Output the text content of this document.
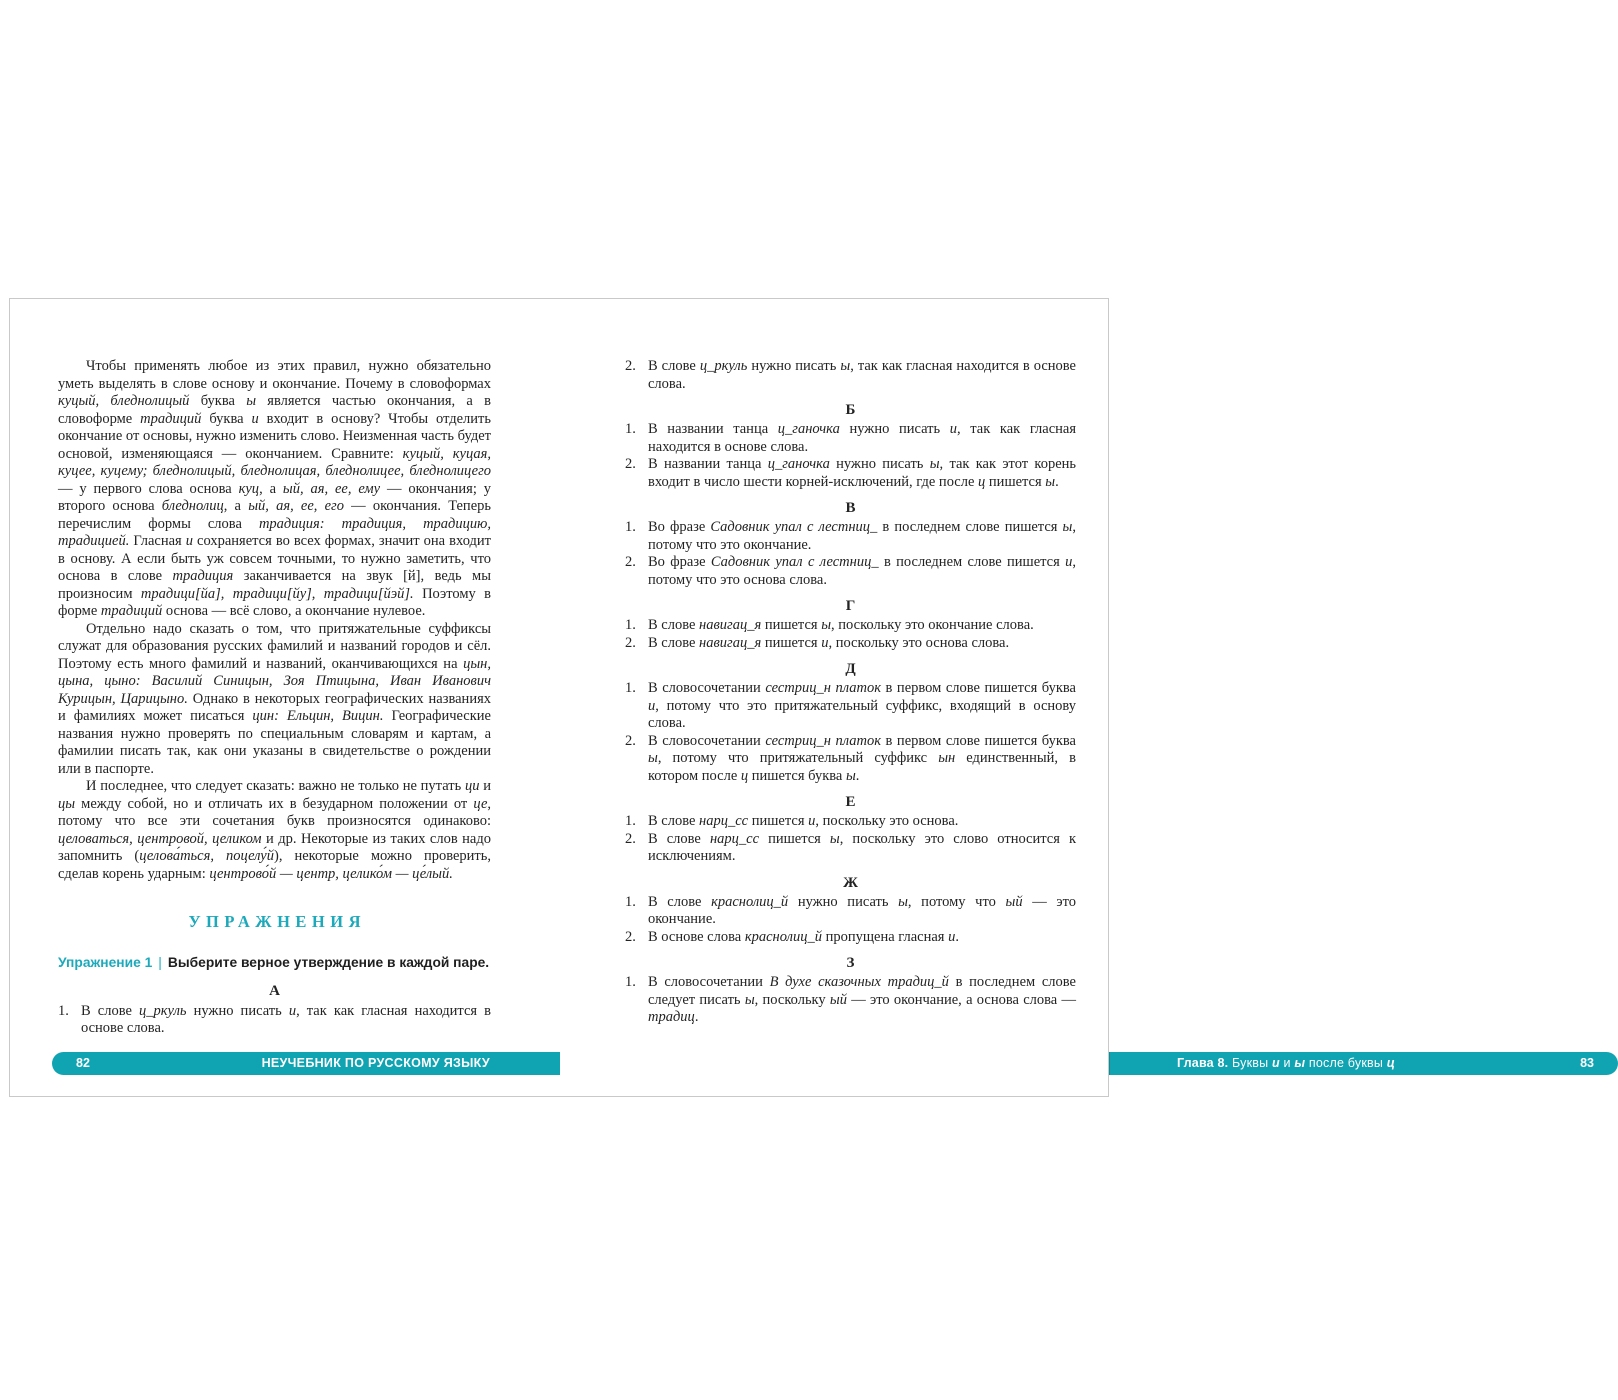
Чтобы применять любое из этих правил, нужно обязательно уметь выделять в слове основу и окончание. Почему в словоформах куцый, бледнолицый буква ы является частью окончания, а в словоформе традиций буква и входит в основу? Чтобы отделить окончание от основы, нужно изменить слово. Неизменная часть будет основой, изменяющаяся — окончанием. Сравните: куцый, куцая, куцее, куцему; бледнолицый, бледнолицая, бледнолицее, бледнолицего — у первого слова основа куц, а ый, ая, ее, ему — окончания; у второго основа бледнолиц, а ый, ая, ее, его — окончания. Теперь перечислим формы слова традиция: традиция, традицию, традицией. Гласная и сохраняется во всех формах, значит она входит в основу. А если быть уж совсем точными, то нужно заметить, что основа в слове традиция заканчивается на звук [й], ведь мы произносим традици[йа], традици[йу], традици[йэй]. Поэтому в форме традиций основа — всё слово, а окончание нулевое.

Отдельно надо сказать о том, что притяжательные суффиксы служат для образования русских фамилий и названий городов и сёл. Поэтому есть много фамилий и названий, оканчивающихся на цын, цына, цыно: Василий Синицын, Зоя Птицына, Иван Иванович Курицын, Царицыно. Однако в некоторых географических названиях и фамилиях может писаться цин: Ельцин, Вицин. Географические названия нужно проверять по специальным словарям и картам, а фамилии писать так, как они указаны в свидетельстве о рождении или в паспорте.

И последнее, что следует сказать: важно не только не путать ци и цы между собой, но и отличать их в безударном положении от це, потому что все эти сочетания букв произносятся одинаково: целоваться, центровой, целиком и др. Некоторые из таких слов надо запомнить (целова́ться, поцелу́й), некоторые можно проверить, сделав корень ударным: центрово́й — центр, целико́м — це́лый.

УПРАЖНЕНИЯ
Упражнение 1 | Выберите верное утверждение в каждой паре.
А
1. В слове ц_ркуль нужно писать и, так как гласная находится в основе слова.
82	НЕУЧЕБНИК ПО РУССКОМУ ЯЗЫКУ
2. В слове ц_ркуль нужно писать ы, так как гласная находится в основе слова.
Б
1. В названии танца ц_ганочка нужно писать и, так как гласная находится в основе слова.
2. В названии танца ц_ганочка нужно писать ы, так как этот корень входит в число шести корней-исключений, где после ц пишется ы.
В
1. Во фразе Садовник упал с лестниц_ в последнем слове пишется ы, потому что это окончание.
2. Во фразе Садовник упал с лестниц_ в последнем слове пишется и, потому что это основа слова.
Г
1. В слове навигац_я пишется ы, поскольку это окончание слова.
2. В слове навигац_я пишется и, поскольку это основа слова.
Д
1. В словосочетании сестриц_н платок в первом слове пишется буква и, потому что это притяжательный суффикс, входящий в основу слова.
2. В словосочетании сестриц_н платок в первом слове пишется буква ы, потому что притяжательный суффикс ын единственный, в котором после ц пишется буква ы.
Е
1. В слове нарц_сс пишется и, поскольку это основа.
2. В слове нарц_сс пишется ы, поскольку это слово относится к исключениям.
Ж
1. В слове краснолиц_й нужно писать ы, потому что ый — это окончание.
2. В основе слова краснолиц_й пропущена гласная и.
З
1. В словосочетании В духе сказочных традиц_й в последнем слове следует писать ы, поскольку ый — это окончание, а основа слова — традиц.
Глава 8. Буквы и и ы после буквы ц	83
